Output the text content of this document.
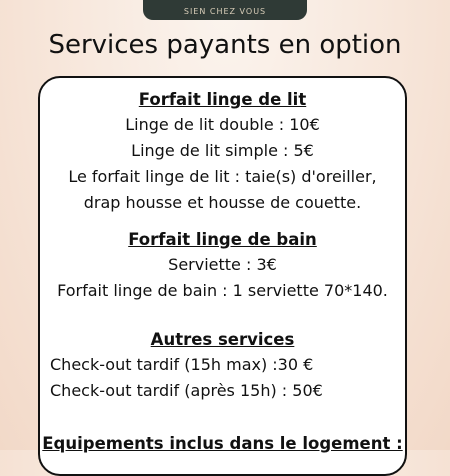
SIEN CHEZ VOUS
Services payants en option
Forfait linge de lit
Linge de lit double : 10€
Linge de lit simple : 5€
Le forfait linge de lit : taie(s) d'oreiller,
drap housse et housse de couette.
Forfait linge de bain
Serviette : 3€
Forfait linge de bain : 1 serviette 70*140.
Autres services
Check-out tardif (15h max) :30 €
Check-out tardif (après 15h) : 50€
Equipements inclus dans le logement :
